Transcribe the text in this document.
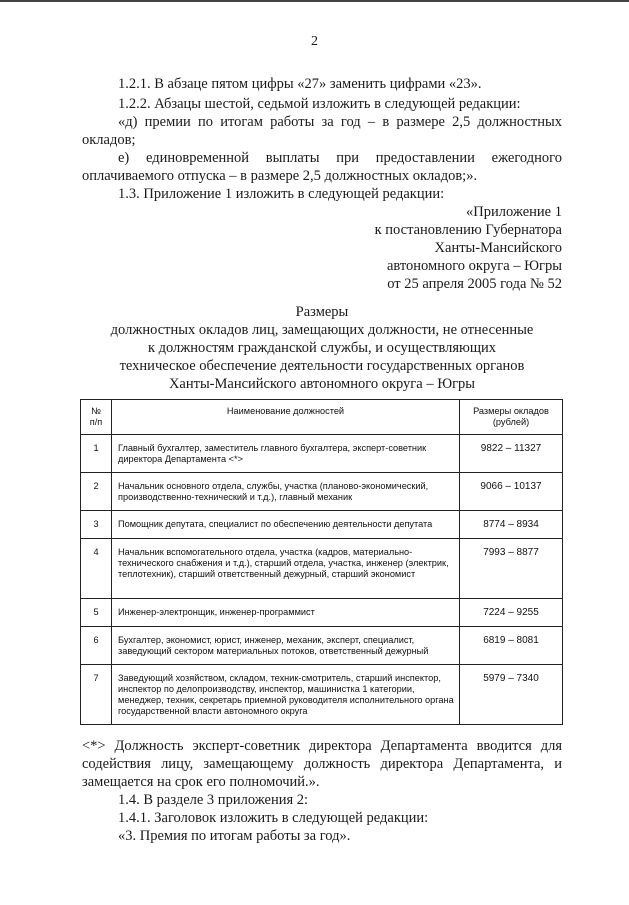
2
1.2.1. В абзаце пятом цифры «27» заменить цифрами «23».
1.2.2. Абзацы шестой, седьмой изложить в следующей редакции:
«д) премии по итогам работы за год – в размере 2,5 должностных
окладов;
е) единовременной выплаты при предоставлении ежегодного
оплачиваемого отпуска – в размере 2,5 должностных окладов;».
1.3. Приложение 1 изложить в следующей редакции:
«Приложение 1
к постановлению Губернатора
Ханты-Мансийского
автономного округа – Югры
от 25 апреля 2005 года № 52
Размеры
должностных окладов лиц, замещающих должности, не отнесенные
к должностям гражданской службы, и осуществляющих
техническое обеспечение деятельности государственных органов
Ханты-Мансийского автономного округа – Югры
№
п/п	Наименование должностей	Размеры окладов
(рублей)
1	Главный бухгалтер, заместитель главного бухгалтера, эксперт-советник директора Департамента <*>	9822 – 11327
2	Начальник основного отдела, службы, участка (планово-экономический, производственно-технический и т.д.), главный механик	9066 – 10137
3	Помощник депутата, специалист по обеспечению деятельности депутата	8774 – 8934
4	Начальник вспомогательного отдела, участка (кадров, материально-технического снабжения и т.д.), старший отдела, участка, инженер (электрик, теплотехник), старший ответственный дежурный, старший экономист	7993 – 8877
5	Инженер-электронщик, инженер-программист	7224 – 9255
6	Бухгалтер, экономист, юрист, инженер, механик, эксперт, специалист, заведующий сектором материальных потоков, ответственный дежурный	6819 – 8081
7	Заведующий хозяйством, складом, техник-смотритель, старший инспектор, инспектор по делопроизводству, инспектор, машинистка 1 категории, менеджер, техник, секретарь приемной руководителя исполнительного органа государственной власти автономного округа	5979 – 7340
<*> Должность эксперт-советник директора Департамента вводится для
содействия лицу, замещающему должность директора Департамента, и
замещается на срок его полномочий.».
1.4. В разделе 3 приложения 2:
1.4.1. Заголовок изложить в следующей редакции:
«3. Премия по итогам работы за год».
